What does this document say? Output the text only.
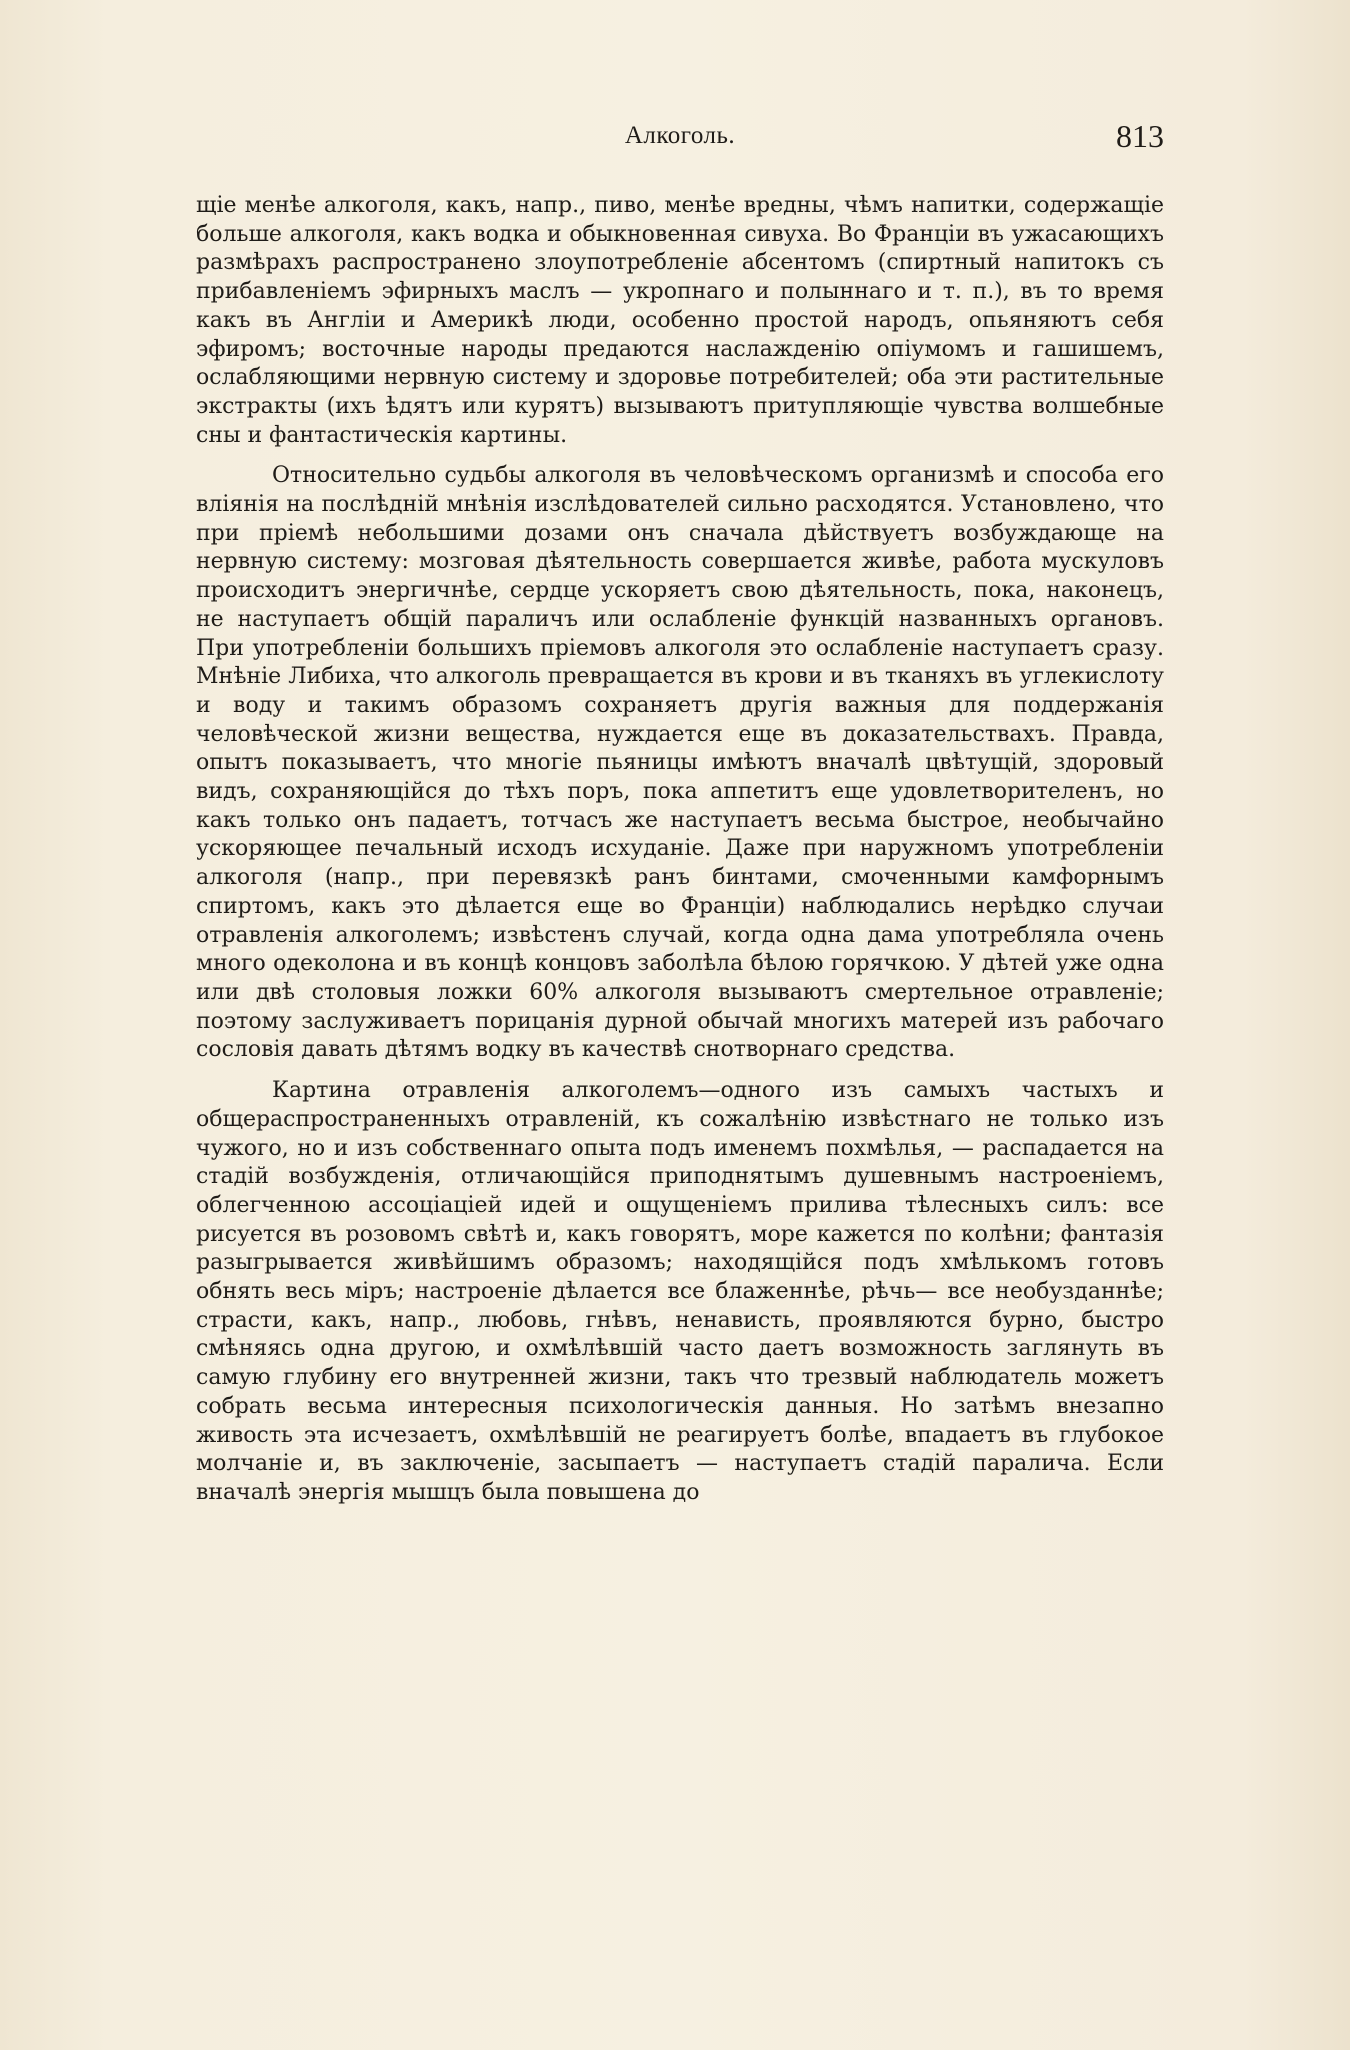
Алкоголь.	813

щіе менѣе алкоголя, какъ, напр., пиво, менѣе вредны, чѣмъ напитки, содержащіе больше алкоголя, какъ водка и обыкновенная сивуха. Во Франціи въ ужасающихъ размѣрахъ распространено злоупотребленіе абсентомъ (спиртный напитокъ съ прибавленіемъ эфирныхъ маслъ — укропнаго и полыннаго и т. п.), въ то время какъ въ Англіи и Америкѣ люди, особенно простой народъ, опьяняютъ себя эфиромъ; восточные народы предаются наслажденію опіумомъ и гашишемъ, ослабляющими нервную систему и здоровье потребителей; оба эти растительные экстракты (ихъ ѣдятъ или курятъ) вызываютъ притупляющіе чувства волшебные сны и фантастическія картины.

Относительно судьбы алкоголя въ человѣческомъ организмѣ и способа его вліянія на послѣдній мнѣнія изслѣдователей сильно расходятся. Установлено, что при пріемѣ небольшими дозами онъ сначала дѣйствуетъ возбуждающе на нервную систему: мозговая дѣятельность совершается живѣе, работа мускуловъ происходитъ энергичнѣе, сердце ускоряетъ свою дѣятельность, пока, наконецъ, не наступаетъ общій параличъ или ослабленіе функцій названныхъ органовъ. При употребленіи большихъ пріемовъ алкоголя это ослабленіе наступаетъ сразу. Мнѣніе Либиха, что алкоголь превращается въ крови и въ тканяхъ въ углекислоту и воду и такимъ образомъ сохраняетъ другія важныя для поддержанія человѣческой жизни вещества, нуждается еще въ доказательствахъ. Правда, опытъ показываетъ, что многіе пьяницы имѣютъ вначалѣ цвѣтущій, здоровый видъ, сохраняющійся до тѣхъ поръ, пока аппетитъ еще удовлетворителенъ, но какъ только онъ падаетъ, тотчасъ же наступаетъ весьма быстрое, необычайно ускоряющее печальный исходъ исхуданіе. Даже при наружномъ употребленіи алкоголя (напр., при перевязкѣ ранъ бинтами, смоченными камфорнымъ спиртомъ, какъ это дѣлается еще во Франціи) наблюдались нерѣдко случаи отравленія алкоголемъ; извѣстенъ случай, когда одна дама употребляла очень много одеколона и въ концѣ концовъ заболѣла бѣлою горячкою. У дѣтей уже одна или двѣ столовыя ложки 60% алкоголя вызываютъ смертельное отравленіе; поэтому заслуживаетъ порицанія дурной обычай многихъ матерей изъ рабочаго сословія давать дѣтямъ водку въ качествѣ снотворнаго средства.

Картина отравленія алкоголемъ—одного изъ самыхъ частыхъ и общераспространенныхъ отравленій, къ сожалѣнію извѣстнаго не только изъ чужого, но и изъ собственнаго опыта подъ именемъ похмѣлья, — распадается на стадій возбужденія, отличающійся приподнятымъ душевнымъ настроеніемъ, облегченною ассоціаціей идей и ощущеніемъ прилива тѣлесныхъ силъ: все рисуется въ розовомъ свѣтѣ и, какъ говорятъ, море кажется по колѣни; фантазія разыгрывается живѣйшимъ образомъ; находящійся подъ хмѣлькомъ готовъ обнять весь міръ; настроеніе дѣлается все блаженнѣе, рѣчь— все необузданнѣе; страсти, какъ, напр., любовь, гнѣвъ, ненависть, проявляются бурно, быстро смѣняясь одна другою, и охмѣлѣвшій часто даетъ возможность заглянуть въ самую глубину его внутренней жизни, такъ что трезвый наблюдатель можетъ собрать весьма интересныя психологическія данныя. Но затѣмъ внезапно живость эта исчезаетъ, охмѣлѣвшій не реагируетъ болѣе, впадаетъ въ глубокое молчаніе и, въ заключеніе, засыпаетъ — наступаетъ стадій паралича. Если вначалѣ энергія мышцъ была повышена до
